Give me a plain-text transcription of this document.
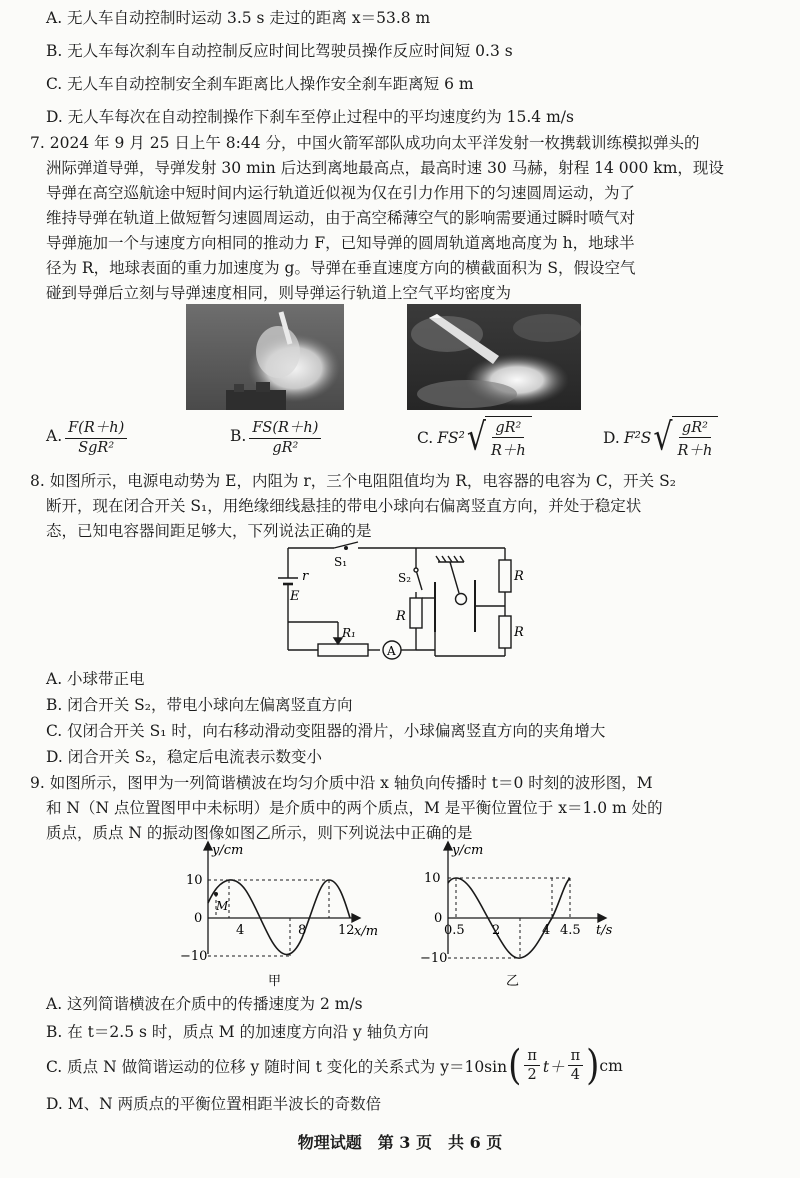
A. 无人车自动控制时运动 3.5 s 走过的距离 x＝53.8 m
B. 无人车每次刹车自动控制反应时间比驾驶员操作反应时间短 0.3 s
C. 无人车自动控制安全刹车距离比人操作安全刹车距离短 6 m
D. 无人车每次在自动控制操作下刹车至停止过程中的平均速度约为 15.4 m/s
7. 2024 年 9 月 25 日上午 8:44 分，中国火箭军部队成功向太平洋发射一枚携载训练模拟弹头的
洲际弹道导弹，导弹发射 30 min 后达到离地最高点，最高时速 30 马赫，射程 14 000 km，现设
导弹在高空巡航途中短时间内运行轨道近似视为仅在引力作用下的匀速圆周运动，为了
维持导弹在轨道上做短暂匀速圆周运动，由于高空稀薄空气的影响需要通过瞬时喷气对
导弹施加一个与速度方向相同的推动力 F，已知导弹的圆周轨道离地高度为 h，地球半
径为 R，地球表面的重力加速度为 g。导弹在垂直速度方向的横截面积为 S，假设空气
碰到导弹后立刻与导弹速度相同，则导弹运行轨道上空气平均密度为
A. $\frac{F(R+h)}{\text{SgR²}}$	B. $\frac{FS(R+h)}{\text{gR²}}$	C. FS² √ $\frac{\text{gR²}}{R+h}$	D. F²S √ $\frac{\text{gR²}}{R+h}$
8. 如图所示，电源电动势为 E，内阻为 r，三个电阻阻值均为 R，电容器的电容为 C，开关 S₂
断开，现在闭合开关 S₁，用绝缘细线悬挂的带电小球向右偏离竖直方向，并处于稳定状
态，已知电容器间距足够大，下列说法正确的是
S₁
S₂
r
E
R₁
A
R
R
R
A. 小球带正电
B. 闭合开关 S₂，带电小球向左偏离竖直方向
C. 仅闭合开关 S₁ 时，向右移动滑动变阻器的滑片，小球偏离竖直方向的夹角增大
D. 闭合开关 S₂，稳定后电流表示数变小
9. 如图所示，图甲为一列简谐横波在均匀介质中沿 x 轴负向传播时 t＝0 时刻的波形图，M
和 N（N 点位置图甲中未标明）是介质中的两个质点，M 是平衡位置位于 x＝1.0 m 处的
质点，质点 N 的振动图像如图乙所示，则下列说法中正确的是
y/cm
x/m
10
0
−10
4	8 12
M
甲
y/cm
t/s
10
0
−10
0.5 2	4 4.5
乙
A. 这列简谐横波在介质中的传播速度为 2 m/s
B. 在 t＝2.5 s 时，质点 M 的加速度方向沿 y 轴负方向
C. 质点 N 做简谐运动的位移 y 随时间 t 变化的关系式为 y＝10sin ( $\frac{\pi}{2} t+ \frac{\pi}{4}$ ) cm
D. M、N 两质点的平衡位置相距半波长的奇数倍
物理试题　第 3 页　共 6 页
